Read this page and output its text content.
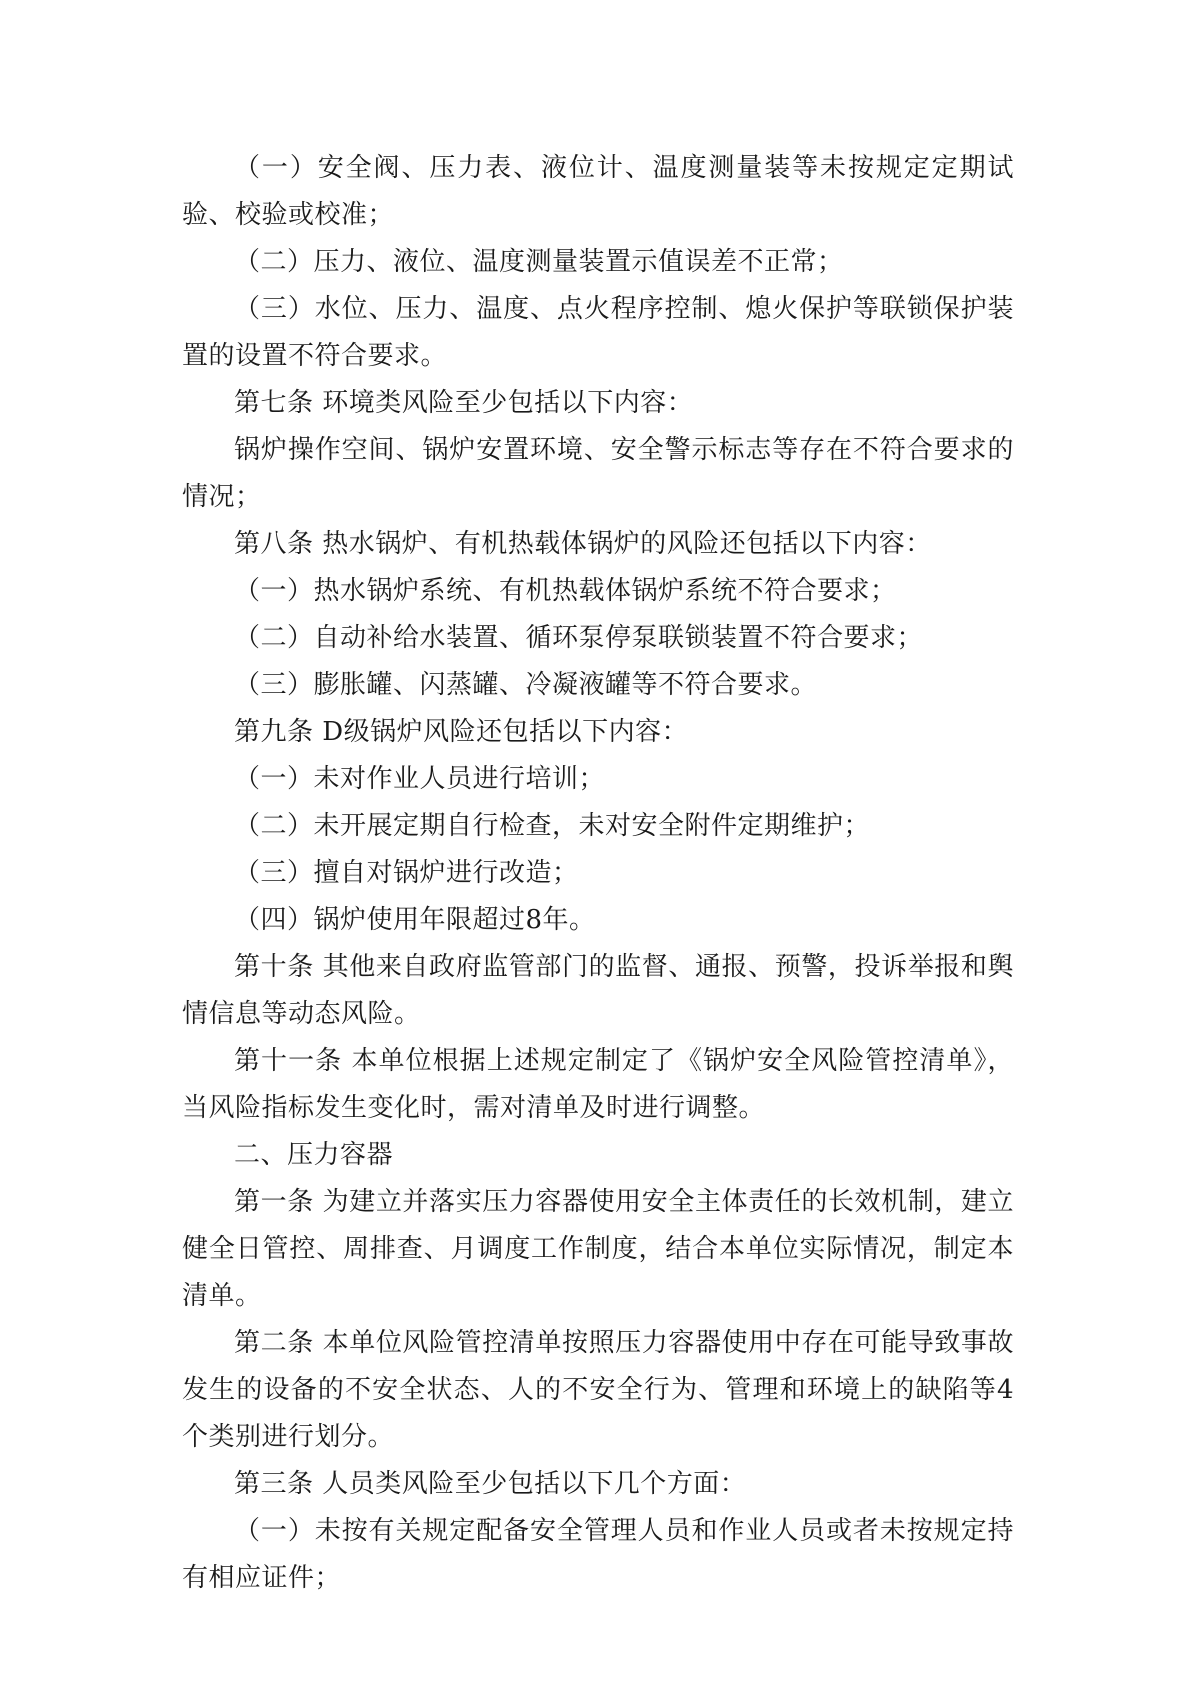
（一）安全阀、压力表、液位计、温度测量装等未按规定定期试验、校验或校准；

（二）压力、液位、温度测量装置示值误差不正常；

（三）水位、压力、温度、点火程序控制、熄火保护等联锁保护装置的设置不符合要求。

第七条 环境类风险至少包括以下内容：

锅炉操作空间、锅炉安置环境、安全警示标志等存在不符合要求的情况；

第八条 热水锅炉、有机热载体锅炉的风险还包括以下内容：

（一）热水锅炉系统、有机热载体锅炉系统不符合要求；

（二）自动补给水装置、循环泵停泵联锁装置不符合要求；

（三）膨胀罐、闪蒸罐、冷凝液罐等不符合要求。

第九条 D级锅炉风险还包括以下内容：

（一）未对作业人员进行培训；

（二）未开展定期自行检查，未对安全附件定期维护；

（三）擅自对锅炉进行改造；

（四）锅炉使用年限超过8年。

第十条 其他来自政府监管部门的监督、通报、预警，投诉举报和舆情信息等动态风险。

第十一条 本单位根据上述规定制定了《锅炉安全风险管控清单》，当风险指标发生变化时，需对清单及时进行调整。

二、压力容器

第一条 为建立并落实压力容器使用安全主体责任的长效机制，建立健全日管控、周排查、月调度工作制度，结合本单位实际情况，制定本清单。

第二条 本单位风险管控清单按照压力容器使用中存在可能导致事故发生的设备的不安全状态、人的不安全行为、管理和环境上的缺陷等4个类别进行划分。

第三条 人员类风险至少包括以下几个方面：

（一）未按有关规定配备安全管理人员和作业人员或者未按规定持有相应证件；
